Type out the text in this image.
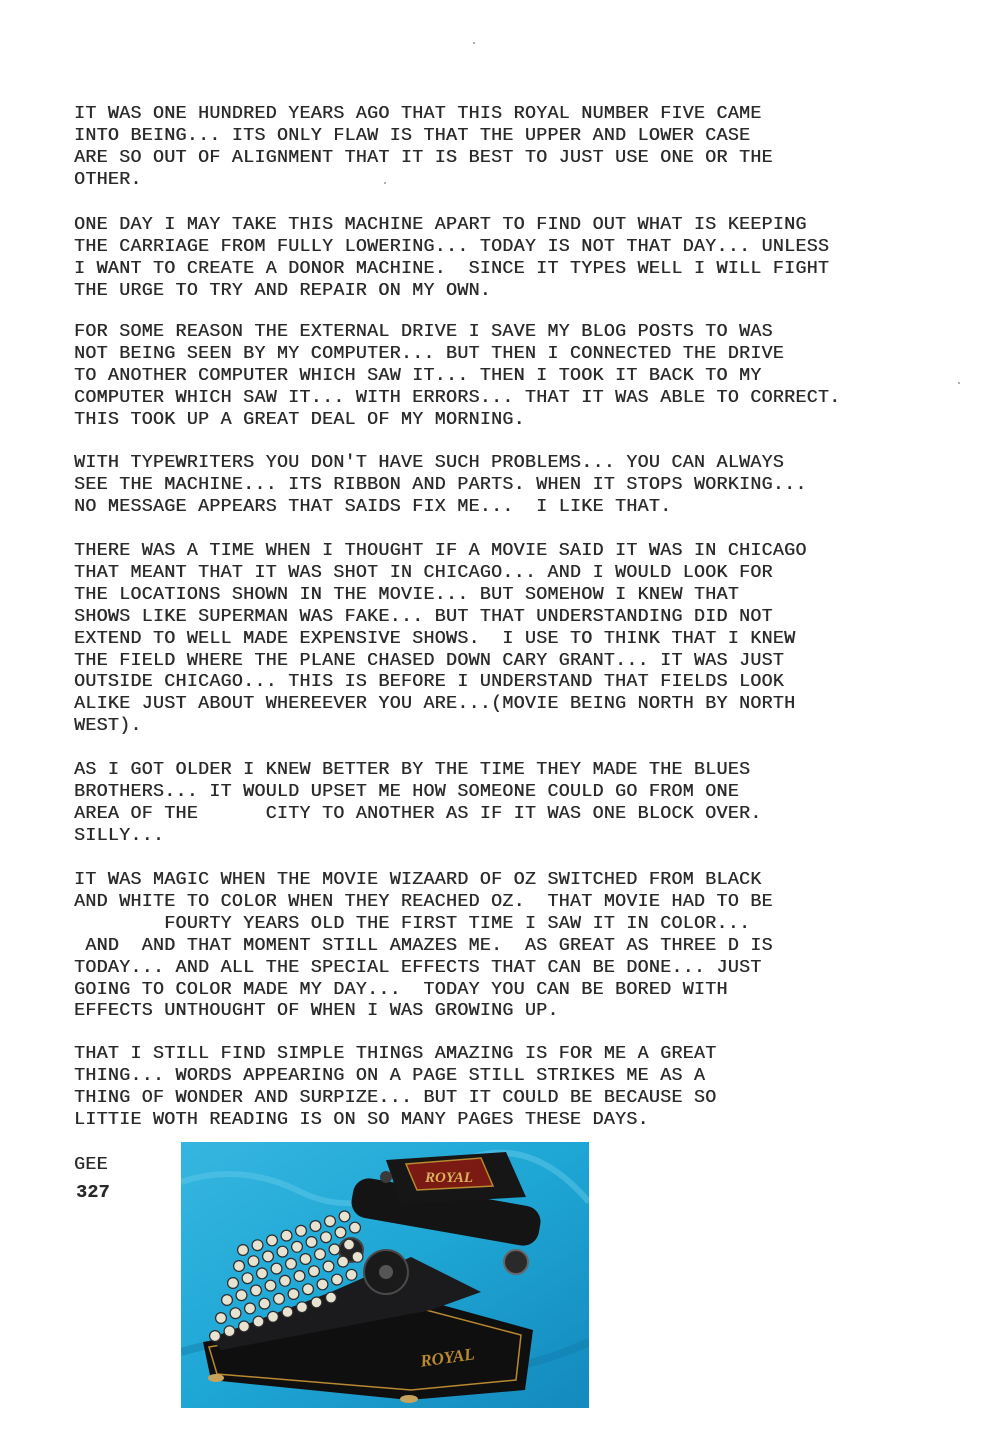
IT WAS ONE HUNDRED YEARS AGO THAT THIS ROYAL NUMBER FIVE CAME
INTO BEING... ITS ONLY FLAW IS THAT THE UPPER AND LOWER CASE
ARE SO OUT OF ALIGNMENT THAT IT IS BEST TO JUST USE ONE OR THE
OTHER.
ONE DAY I MAY TAKE THIS MACHINE APART TO FIND OUT WHAT IS KEEPING
THE CARRIAGE FROM FULLY LOWERING... TODAY IS NOT THAT DAY... UNLESS
I WANT TO CREATE A DONOR MACHINE.  SINCE IT TYPES WELL I WILL FIGHT
THE URGE TO TRY AND REPAIR ON MY OWN.
FOR SOME REASON THE EXTERNAL DRIVE I SAVE MY BLOG POSTS TO WAS
NOT BEING SEEN BY MY COMPUTER... BUT THEN I CONNECTED THE DRIVE
TO ANOTHER COMPUTER WHICH SAW IT... THEN I TOOK IT BACK TO MY
COMPUTER WHICH SAW IT... WITH ERRORS... THAT IT WAS ABLE TO CORRECT.
THIS TOOK UP A GREAT DEAL OF MY MORNING.
WITH TYPEWRITERS YOU DON'T HAVE SUCH PROBLEMS... YOU CAN ALWAYS
SEE THE MACHINE... ITS RIBBON AND PARTS. WHEN IT STOPS WORKING...
NO MESSAGE APPEARS THAT SAIDS FIX ME...  I LIKE THAT.
THERE WAS A TIME WHEN I THOUGHT IF A MOVIE SAID IT WAS IN CHICAGO
THAT MEANT THAT IT WAS SHOT IN CHICAGO... AND I WOULD LOOK FOR
THE LOCATIONS SHOWN IN THE MOVIE... BUT SOMEHOW I KNEW THAT
SHOWS LIKE SUPERMAN WAS FAKE... BUT THAT UNDERSTANDING DID NOT
EXTEND TO WELL MADE EXPENSIVE SHOWS.  I USE TO THINK THAT I KNEW
THE FIELD WHERE THE PLANE CHASED DOWN CARY GRANT... IT WAS JUST
OUTSIDE CHICAGO... THIS IS BEFORE I UNDERSTAND THAT FIELDS LOOK
ALIKE JUST ABOUT WHEREEVER YOU ARE...(MOVIE BEING NORTH BY NORTH
WEST).
AS I GOT OLDER I KNEW BETTER BY THE TIME THEY MADE THE BLUES
BROTHERS... IT WOULD UPSET ME HOW SOMEONE COULD GO FROM ONE
AREA OF THE      CITY TO ANOTHER AS IF IT WAS ONE BLOCK OVER.
SILLY...
IT WAS MAGIC WHEN THE MOVIE WIZAARD OF OZ SWITCHED FROM BLACK
AND WHITE TO COLOR WHEN THEY REACHED OZ.  THAT MOVIE HAD TO BE
FOURTY YEARS OLD THE FIRST TIME I SAW IT IN COLOR...
AND  AND THAT MOMENT STILL AMAZES ME.  AS GREAT AS THREE D IS
TODAY... AND ALL THE SPECIAL EFFECTS THAT CAN BE DONE... JUST
GOING TO COLOR MADE MY DAY...  TODAY YOU CAN BE BORED WITH
EFFECTS UNTHOUGHT OF WHEN I WAS GROWING UP.
THAT I STILL FIND SIMPLE THINGS AMAZING IS FOR ME A GREAT
THING... WORDS APPEARING ON A PAGE STILL STRIKES ME AS A
THING OF WONDER AND SURPIZE... BUT IT COULD BE BECAUSE SO
LITTIE WOTH READING IS ON SO MANY PAGES THESE DAYS.
GEE
327
ROYAL
ROYAL
